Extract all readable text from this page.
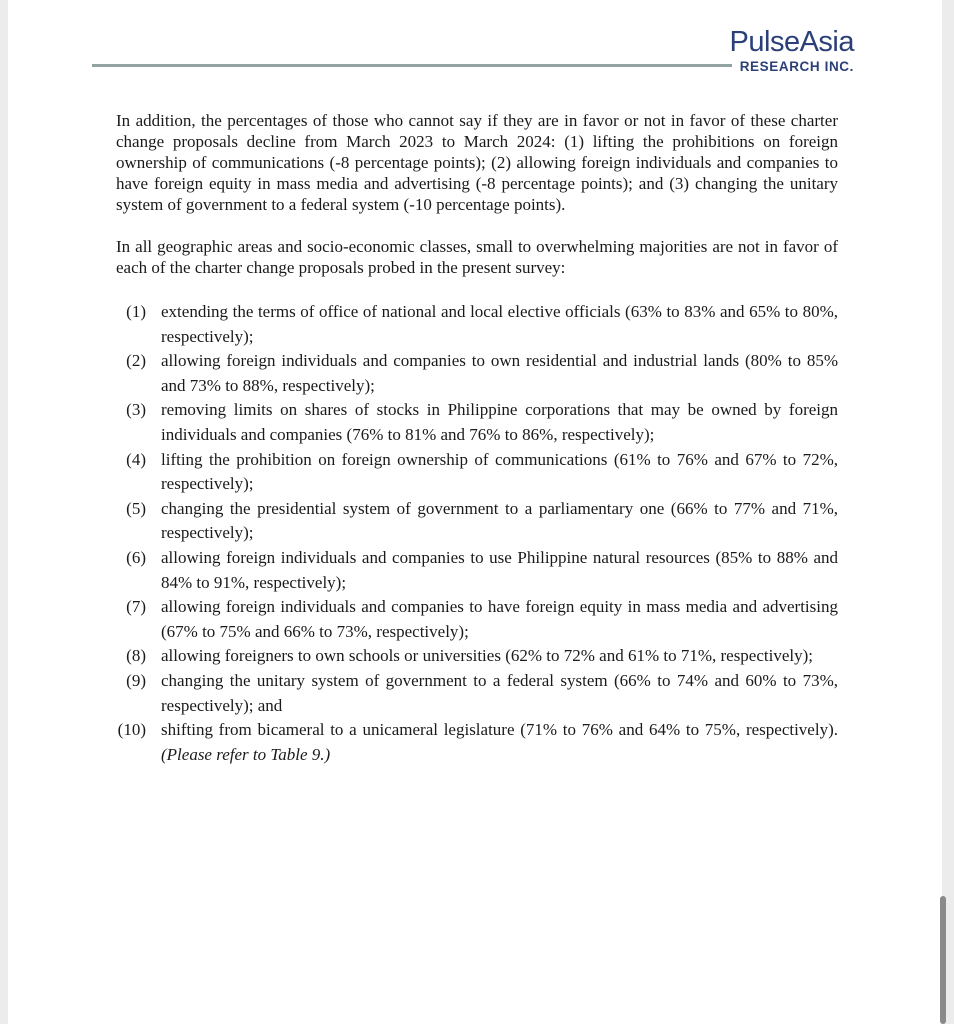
PulseAsia
RESEARCH INC.

In addition, the percentages of those who cannot say if they are in favor or not in favor of these charter change proposals decline from March 2023 to March 2024: (1) lifting the prohibitions on foreign ownership of communications (-8 percentage points); (2) allowing foreign individuals and companies to have foreign equity in mass media and advertising (-8 percentage points); and (3) changing the unitary system of government to a federal system (-10 percentage points).

In all geographic areas and socio-economic classes, small to overwhelming majorities are not in favor of each of the charter change proposals probed in the present survey:

(1) extending the terms of office of national and local elective officials (63% to 83% and 65% to 80%, respectively);
(2) allowing foreign individuals and companies to own residential and industrial lands (80% to 85% and 73% to 88%, respectively);
(3) removing limits on shares of stocks in Philippine corporations that may be owned by foreign individuals and companies (76% to 81% and 76% to 86%, respectively);
(4) lifting the prohibition on foreign ownership of communications (61% to 76% and 67% to 72%, respectively);
(5) changing the presidential system of government to a parliamentary one (66% to 77% and 71%, respectively);
(6) allowing foreign individuals and companies to use Philippine natural resources (85% to 88% and 84% to 91%, respectively);
(7) allowing foreign individuals and companies to have foreign equity in mass media and advertising (67% to 75% and 66% to 73%, respectively);
(8) allowing foreigners to own schools or universities (62% to 72% and 61% to 71%, respectively);
(9) changing the unitary system of government to a federal system (66% to 74% and 60% to 73%, respectively); and
(10) shifting from bicameral to a unicameral legislature (71% to 76% and 64% to 75%, respectively). (Please refer to Table 9.)
